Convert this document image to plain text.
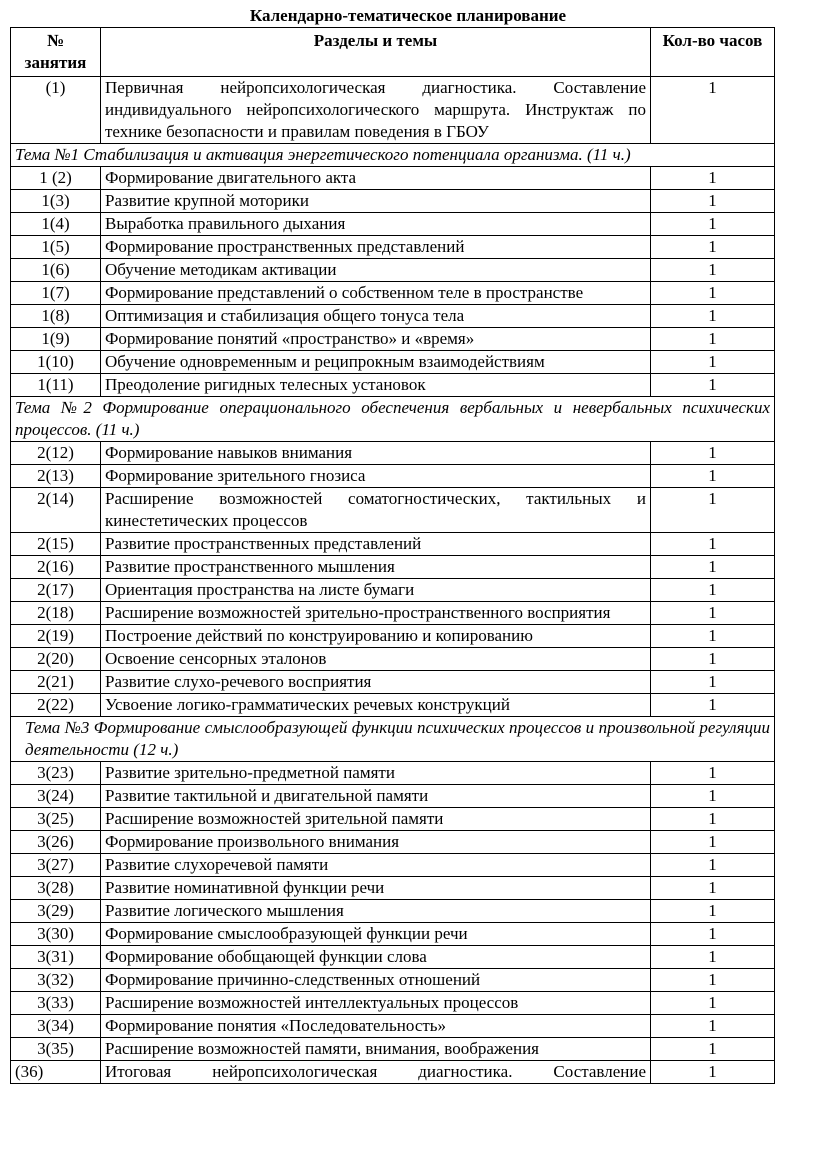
Календарно-тематическое планирование
№ занятия	Разделы и темы	Кол-во часов
(1)	Первичная нейропсихологическая диагностика. Составление индивидуального нейропсихологического маршрута. Инструктаж по технике безопасности и правилам поведения в ГБОУ	1
Тема №1 Стабилизация и активация энергетического потенциала организма. (11 ч.)		
1 (2)	Формирование двигательного акта	1
1(3)	Развитие крупной моторики	1
1(4)	Выработка правильного дыхания	1
1(5)	Формирование пространственных представлений	1
1(6)	Обучение методикам активации	1
1(7)	Формирование представлений о собственном теле в пространстве	1
1(8)	Оптимизация и стабилизация общего тонуса тела	1
1(9)	Формирование понятий «пространство» и «время»	1
1(10)	Обучение одновременным и реципрокным взаимодействиям	1
1(11)	Преодоление ригидных телесных установок	1
Тема №2 Формирование операционального обеспечения вербальных и невербальных психических процессов. (11 ч.)		
2(12)	Формирование навыков внимания	1
2(13)	Формирование зрительного гнозиса	1
2(14)	Расширение возможностей соматогностических, тактильных и кинестетических процессов	1
2(15)	Развитие пространственных представлений	1
2(16)	Развитие пространственного мышления	1
2(17)	Ориентация пространства на листе бумаги	1
2(18)	Расширение возможностей зрительно-пространственного восприятия	1
2(19)	Построение действий по конструированию и копированию	1
2(20)	Освоение сенсорных эталонов	1
2(21)	Развитие слухо-речевого восприятия	1
2(22)	Усвоение логико-грамматических речевых конструкций	1
Тема №3 Формирование смыслообразующей функции психических процессов и произвольной регуляции деятельности (12 ч.)		
3(23)	Развитие зрительно-предметной памяти	1
3(24)	Развитие тактильной и двигательной памяти	1
3(25)	Расширение возможностей зрительной памяти	1
3(26)	Формирование произвольного внимания	1
3(27)	Развитие слухоречевой памяти	1
3(28)	Развитие номинативной функции речи	1
3(29)	Развитие логического мышления	1
3(30)	Формирование смыслообразующей функции речи	1
3(31)	Формирование обобщающей функции слова	1
3(32)	Формирование причинно-следственных отношений	1
3(33)	Расширение возможностей интеллектуальных процессов	1
3(34)	Формирование понятия «Последовательность»	1
3(35)	Расширение возможностей памяти, внимания, воображения	1
(36)	Итоговая нейропсихологическая диагностика. Составление	1
